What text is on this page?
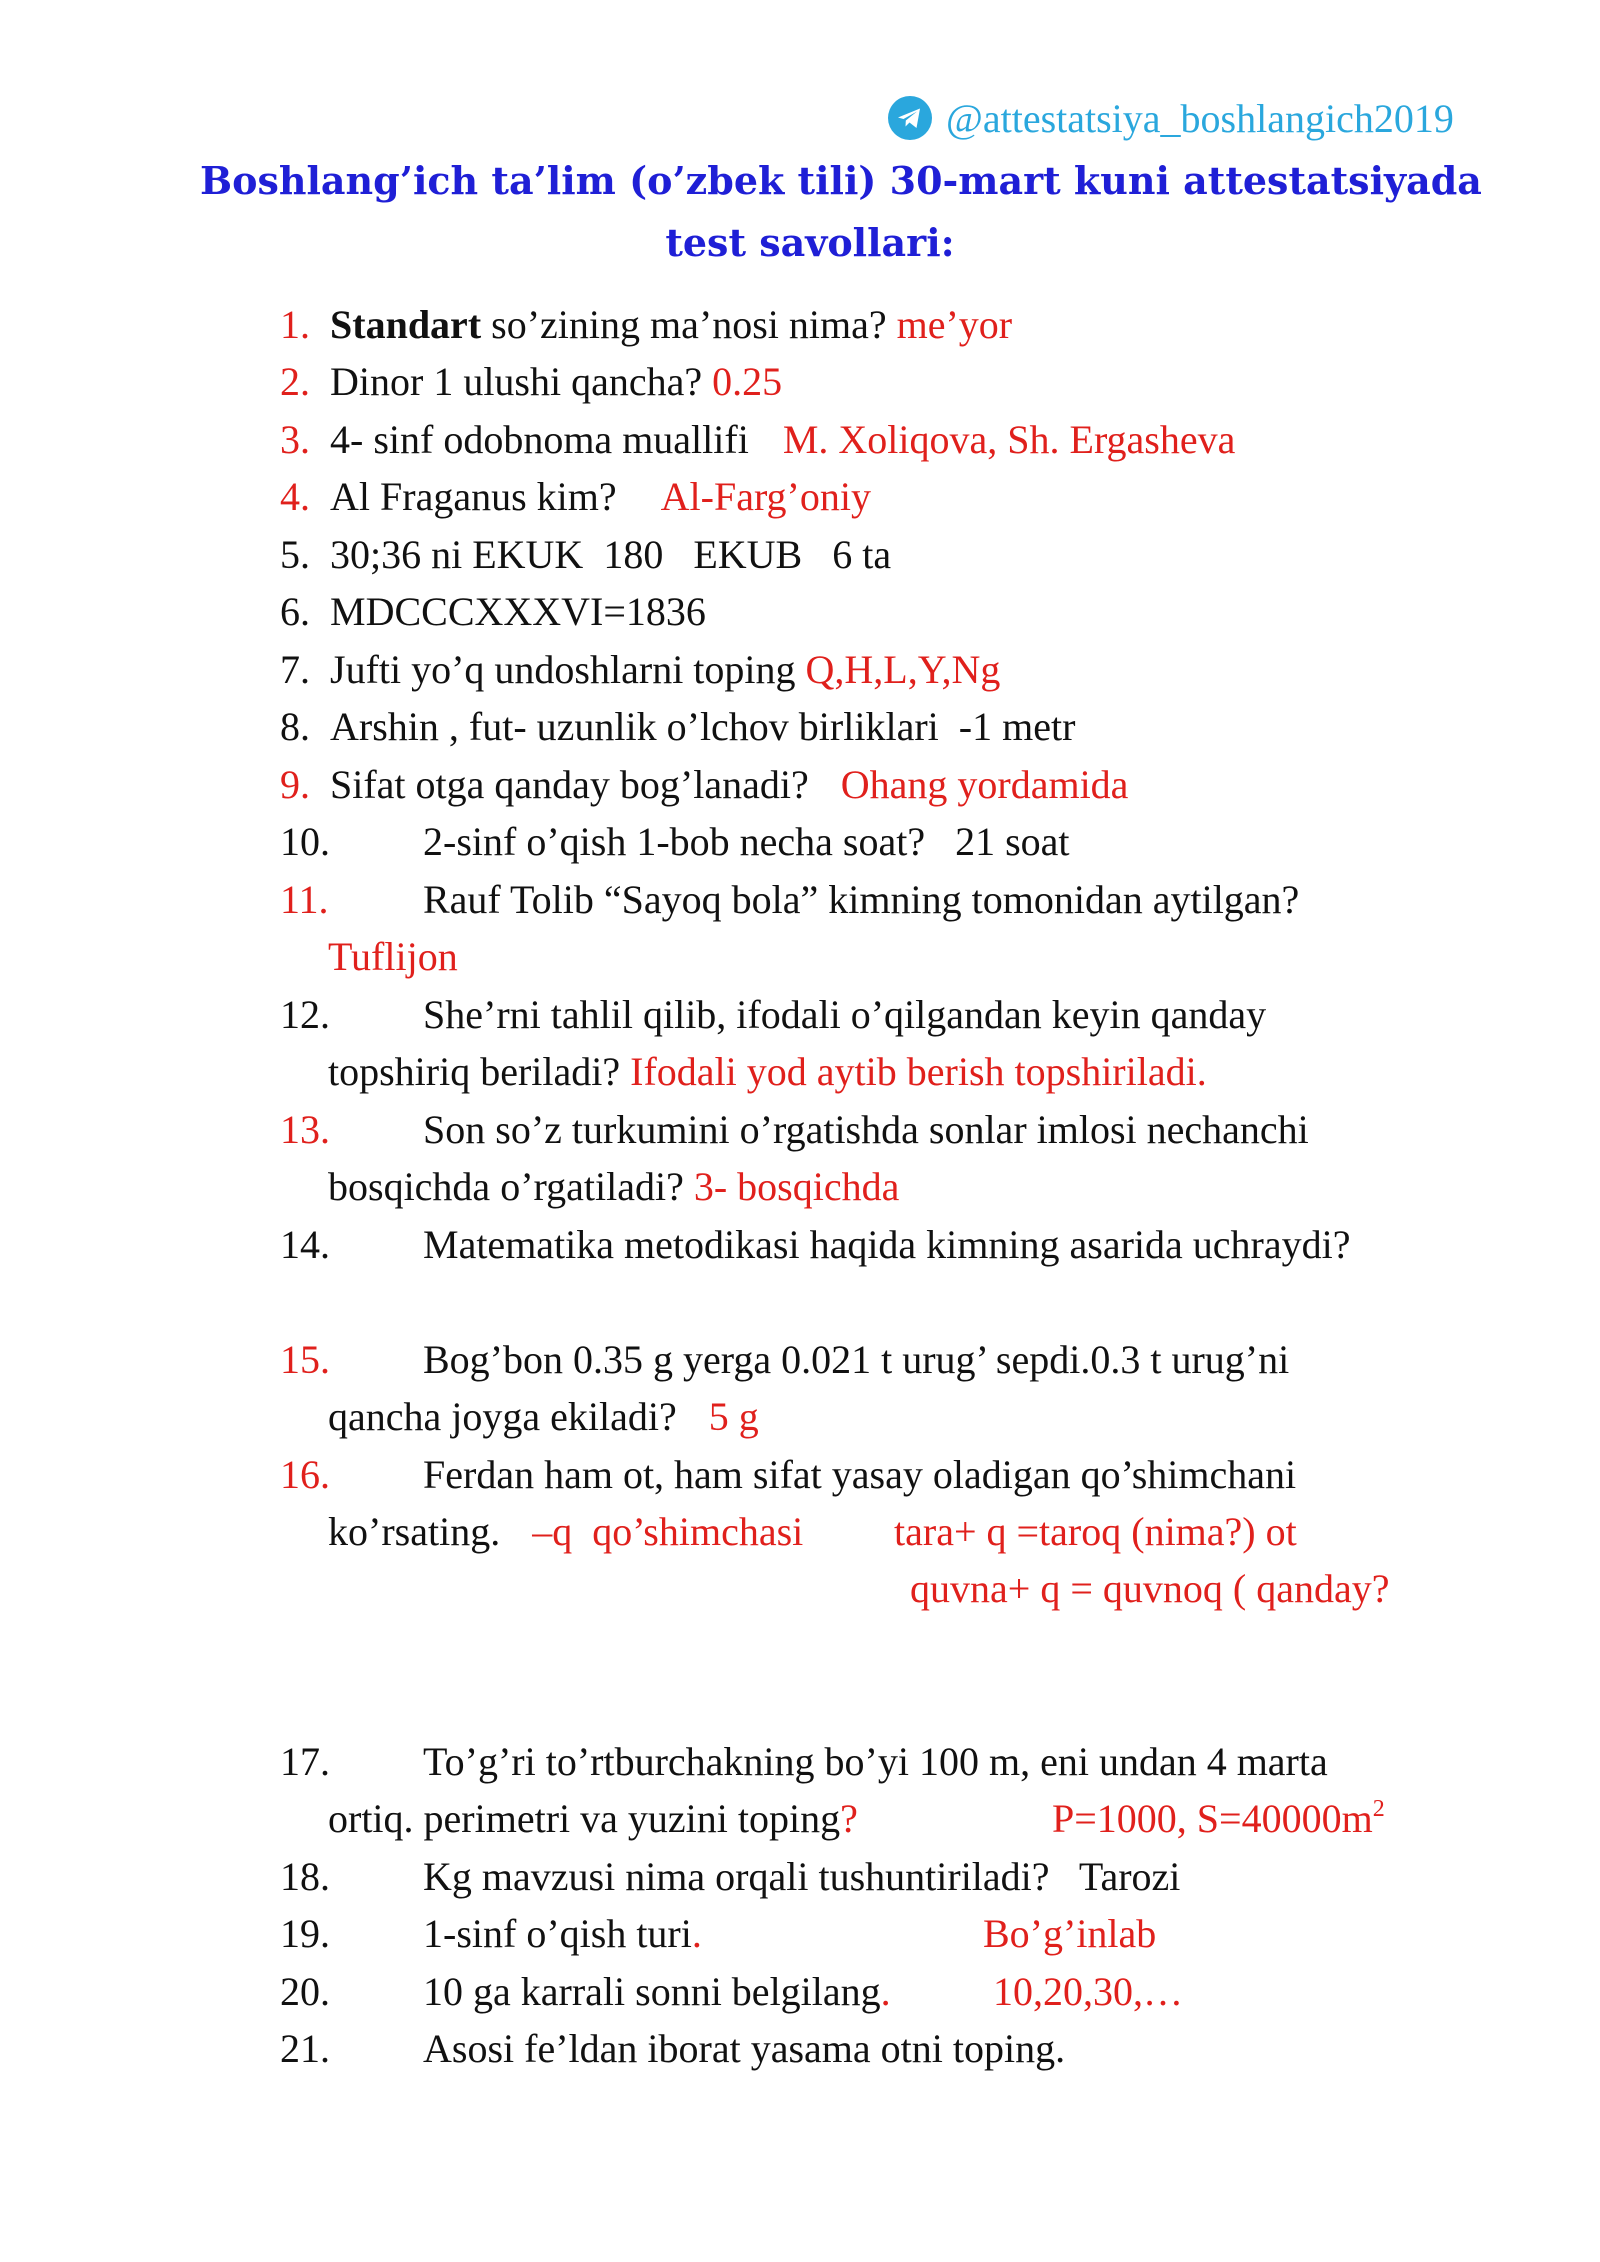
@attestatsiya_boshlangich2019
Boshlang’ich ta’lim (o’zbek tili) 30-mart kuni attestatsiyada
test savollari:
1. Standart so’zining ma’nosi nima? me’yor
2. Dinor 1 ulushi qancha? 0.25
3. 4- sinf odobnoma muallifi M. Xoliqova, Sh. Ergasheva
4. Al Fraganus kim? Al-Farg’oniy
5. 30;36 ni EKUK  180   EKUB   6 ta
6. MDCCCXXXVI=1836
7. Jufti yo’q undoshlarni toping Q,H,L,Y,Ng
8. Arshin , fut- uzunlik o’lchov birliklari  -1 metr
9. Sifat otga qanday bog’lanadi? Ohang yordamida
10. 2-sinf o’qish 1-bob necha soat?   21 soat
11. Rauf Tolib “Sayoq bola” kimning tomonidan aytilgan?
Tuflijon
12. She’rni tahlil qilib, ifodali o’qilgandan keyin qanday
topshiriq beriladi? Ifodali yod aytib berish topshiriladi.
13. Son so’z turkumini o’rgatishda sonlar imlosi nechanchi
bosqichda o’rgatiladi? 3- bosqichda
14. Matematika metodikasi haqida kimning asarida uchraydi?
15. Bog’bon 0.35 g yerga 0.021 t urug’ sepdi.0.3 t urug’ni
qancha joyga ekiladi? 5 g
16. Ferdan ham ot, ham sifat yasay oladigan qo’shimchani
ko’rsating. –q  qo’shimchasi tara+ q =taroq (nima?) ot
quvna+ q = quvnoq ( qanday?
17. To’g’ri to’rtburchakning bo’yi 100 m, eni undan 4 marta
ortiq. perimetri va yuzini toping?	P=1000, $S=40000m^2$
18. Kg mavzusi nima orqali tushuntiriladi?   Tarozi
19. 1-sinf o’qish turi.	Bo’g’inlab
20. 10 ga karrali sonni belgilang.	10,20,30,…
21. Asosi fe’ldan iborat yasama otni toping.
